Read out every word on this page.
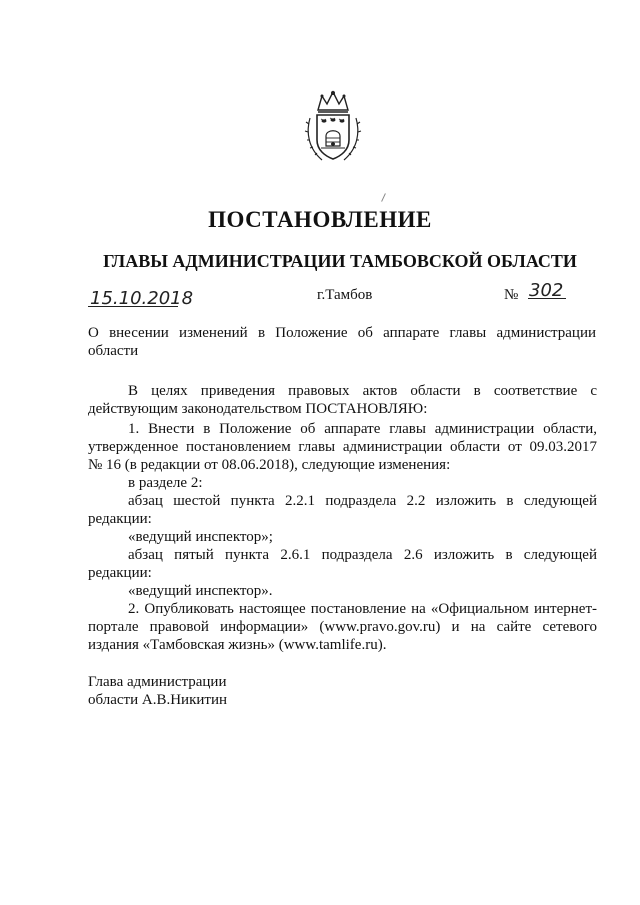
ПОСТАНОВЛЕНИЕ
ГЛАВЫ АДМИНИСТРАЦИИ ТАМБОВСКОЙ ОБЛАСТИ
15.10.2018	г.Тамбов	№ 302
О внесении изменений в Положение об аппарате главы администрации
области
В целях приведения правовых актов области в соответствие с
действующим законодательством ПОСТАНОВЛЯЮ:
1. Внести в Положение об аппарате главы администрации области,
утвержденное постановлением главы администрации области от 09.03.2017
№ 16 (в редакции от 08.06.2018), следующие изменения:
в разделе 2:
абзац шестой пункта 2.2.1 подраздела 2.2 изложить в следующей
редакции:
«ведущий инспектор»;
абзац пятый пункта 2.6.1 подраздела 2.6 изложить в следующей
редакции:
«ведущий инспектор».
2. Опубликовать настоящее постановление на «Официальном интернет-
портале правовой информации» (www.pravo.gov.ru) и на сайте сетевого
издания «Тамбовская жизнь» (www.tamlife.ru).
Глава администрации
области А.В.Никитин
